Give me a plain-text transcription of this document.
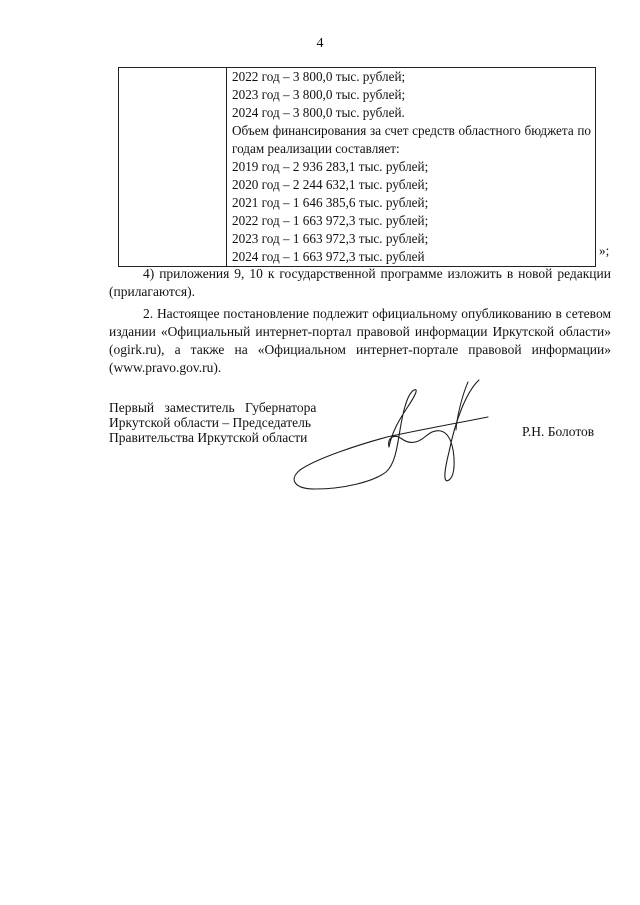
4

2022 год – 3 800,0 тыс. рублей;
2023 год – 3 800,0 тыс. рублей;
2024 год – 3 800,0 тыс. рублей.
Объем финансирования за счет средств областного бюджета по годам реализации составляет:
2019 год – 2 936 283,1 тыс. рублей;
2020 год – 2 244 632,1 тыс. рублей;
2021 год – 1 646 385,6 тыс. рублей;
2022 год – 1 663 972,3 тыс. рублей;
2023 год – 1 663 972,3 тыс. рублей;
2024 год – 1 663 972,3 тыс. рублей	»;
4) приложения 9, 10 к государственной программе изложить в новой редакции (прилагаются).
2. Настоящее постановление подлежит официальному опубликованию в сетевом издании «Официальный интернет-портал правовой информации Иркутской области» (ogirk.ru), а также на «Официальном интернет-портале правовой информации» (www.pravo.gov.ru).
Первый заместитель Губернатора
Иркутской области – Председатель
Правительства Иркутской области	Р.Н. Болотов
